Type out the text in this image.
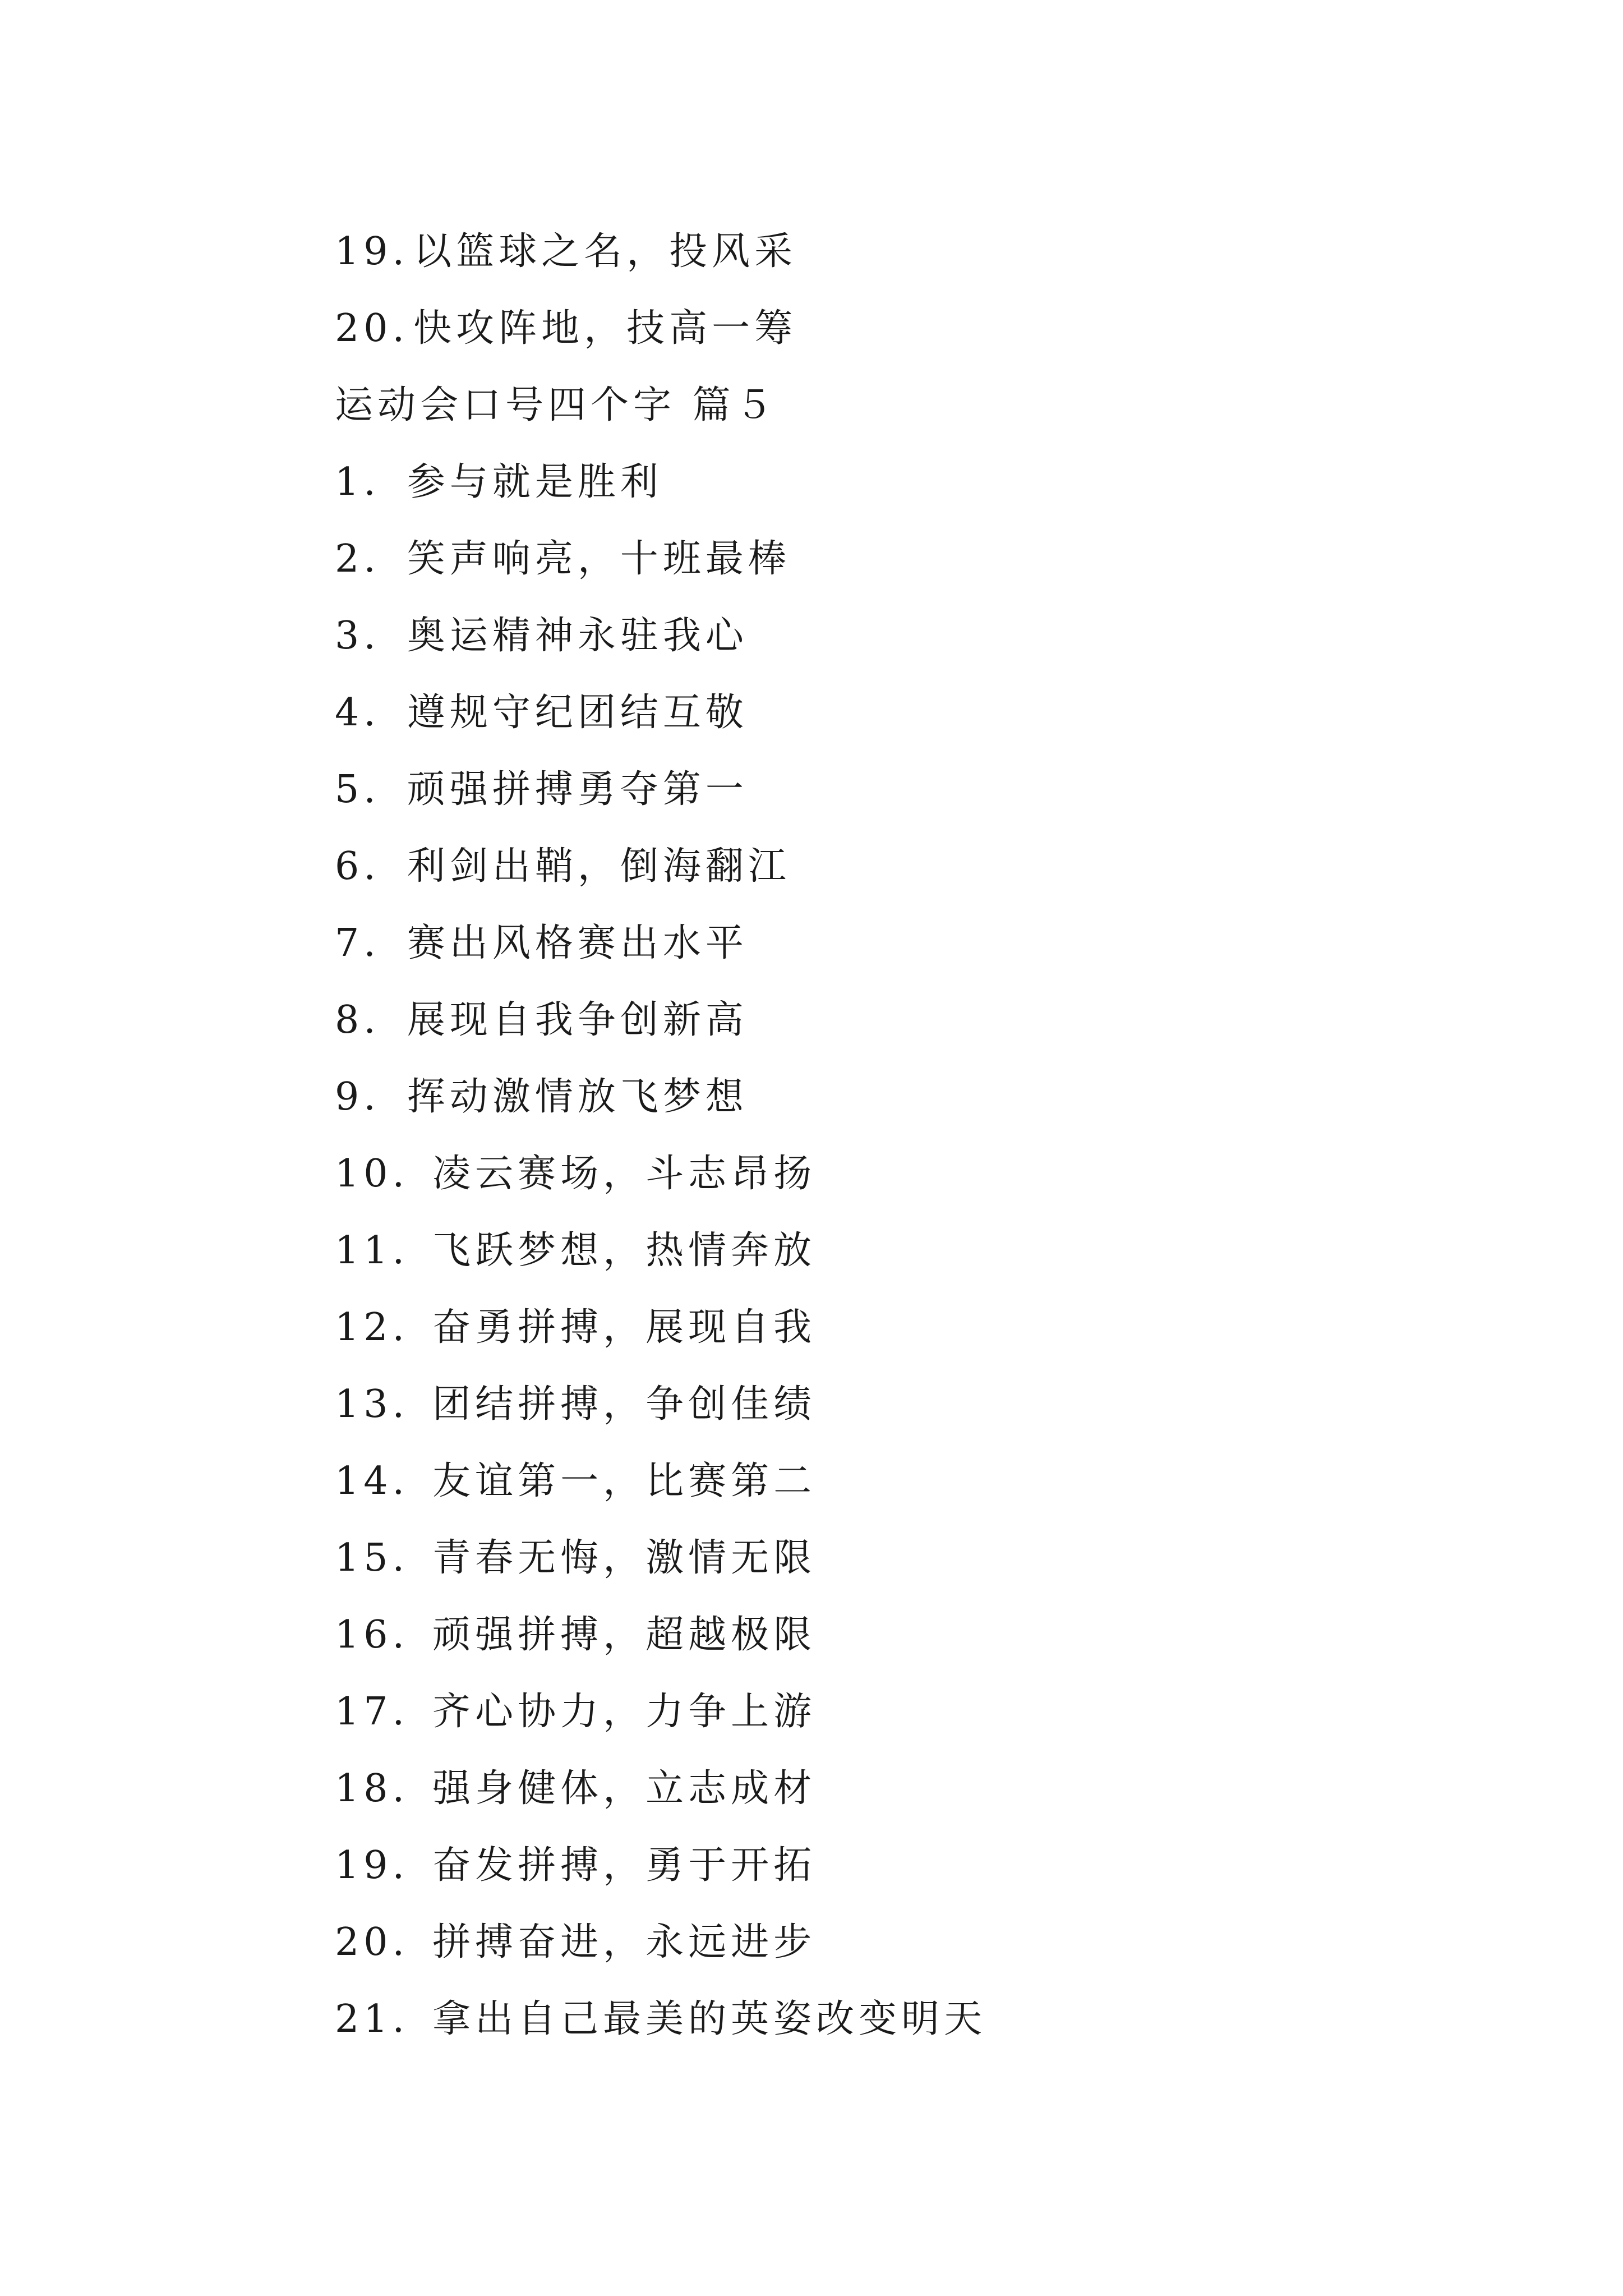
19. 以篮球之名，投风采
20. 快攻阵地，技高一筹
运动会口号四个字 篇５
1. 参与就是胜利
2. 笑声响亮，十班最棒
3. 奥运精神永驻我心
4. 遵规守纪团结互敬
5. 顽强拼搏勇夺第一
6. 利剑出鞘，倒海翻江
7. 赛出风格赛出水平
8. 展现自我争创新高
9. 挥动激情放飞梦想
10. 凌云赛场，斗志昂扬
11. 飞跃梦想，热情奔放
12. 奋勇拼搏，展现自我
13. 团结拼搏，争创佳绩
14. 友谊第一，比赛第二
15. 青春无悔，激情无限
16. 顽强拼搏，超越极限
17. 齐心协力，力争上游
18. 强身健体，立志成材
19. 奋发拼搏，勇于开拓
20. 拼搏奋进，永远进步
21. 拿出自己最美的英姿改变明天
